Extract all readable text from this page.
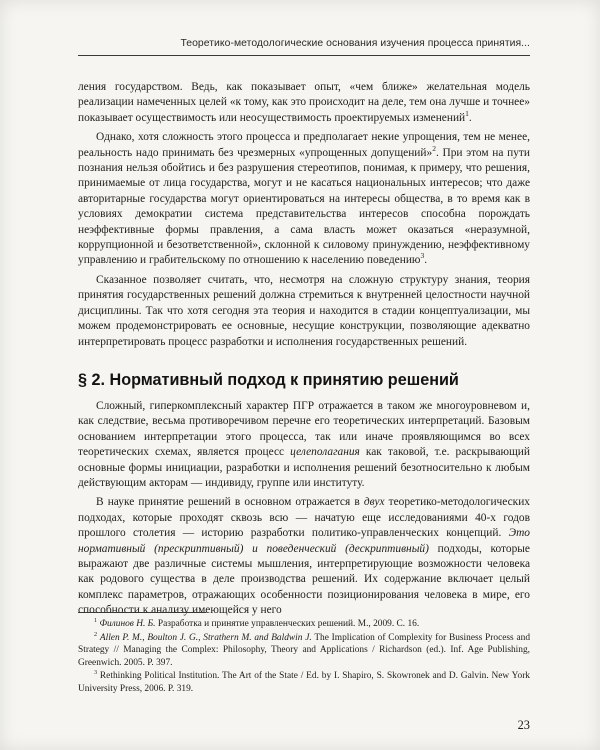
Теоретико-методологические основания изучения процесса принятия...

ления государством. Ведь, как показывает опыт, «чем ближе» желательная модель реализации намеченных целей «к тому, как это происходит на деле, тем она лучше и точнее» показывает осуществимость или неосуществимость проектируемых изменений$^1$.

Однако, хотя сложность этого процесса и предполагает некие упрощения, тем не менее, реальность надо принимать без чрезмерных «упрощенных допущений»$^2$. При этом на пути познания нельзя обойтись и без разрушения стереотипов, понимая, к примеру, что решения, принимаемые от лица государства, могут и не касаться национальных интересов; что даже авторитарные государства могут ориентироваться на интересы общества, в то время как в условиях демократии система представительства интересов способна порождать неэффективные формы правления, а сама власть может оказаться «неразумной, коррупционной и безответственной», склонной к силовому принуждению, неэффективному управлению и грабительскому по отношению к населению поведению$^3$.

Сказанное позволяет считать, что, несмотря на сложную структуру знания, теория принятия государственных решений должна стремиться к внутренней целостности научной дисциплины. Так что хотя сегодня эта теория и находится в стадии концептуализации, мы можем продемонстрировать ее основные, несущие конструкции, позволяющие адекватно интерпретировать процесс разработки и исполнения государственных решений.

§ 2. Нормативный подход к принятию решений

Сложный, гиперкомплексный характер ПГР отражается в таком же многоуровневом и, как следствие, весьма противоречивом перечне его теоретических интерпретаций. Базовым основанием интерпретации этого процесса, так или иначе проявляющимся во всех теоретических схемах, является процесс целеполагания как таковой, т.е. раскрывающий основные формы инициации, разработки и исполнения решений безотносительно к любым действующим акторам — индивиду, группе или институту.

В науке принятие решений в основном отражается в двух теоретико-методологических подходах, которые проходят сквозь всю — начатую еще исследованиями 40-х годов прошлого столетия — историю разработки политико-управленческих концепций. Это нормативный (прескриптивный) и поведенческий (дескриптивный) подходы, которые выражают две различные системы мышления, интерпретирующие возможности человека как родового существа в деле производства решений. Их содержание включает целый комплекс параметров, отражающих особенности позиционирования человека в мире, его способности к анализу имеющейся у него

$^1$ Филинов Н. Б. Разработка и принятие управленческих решений. М., 2009. С. 16.

$^2$ Allen P. M., Boulton J. G., Strathern M. and Baldwin J. The Implication of Complexity for Business Process and Strategy // Managing the Complex: Philosophy, Theory and Applications / Richardson (ed.). Inf. Age Publishing, Greenwich. 2005. P. 397.

$^3$ Rethinking Political Institution. The Art of the State / Ed. by I. Shapiro, S. Skowronek and D. Galvin. New York University Press, 2006. P. 319.

23
